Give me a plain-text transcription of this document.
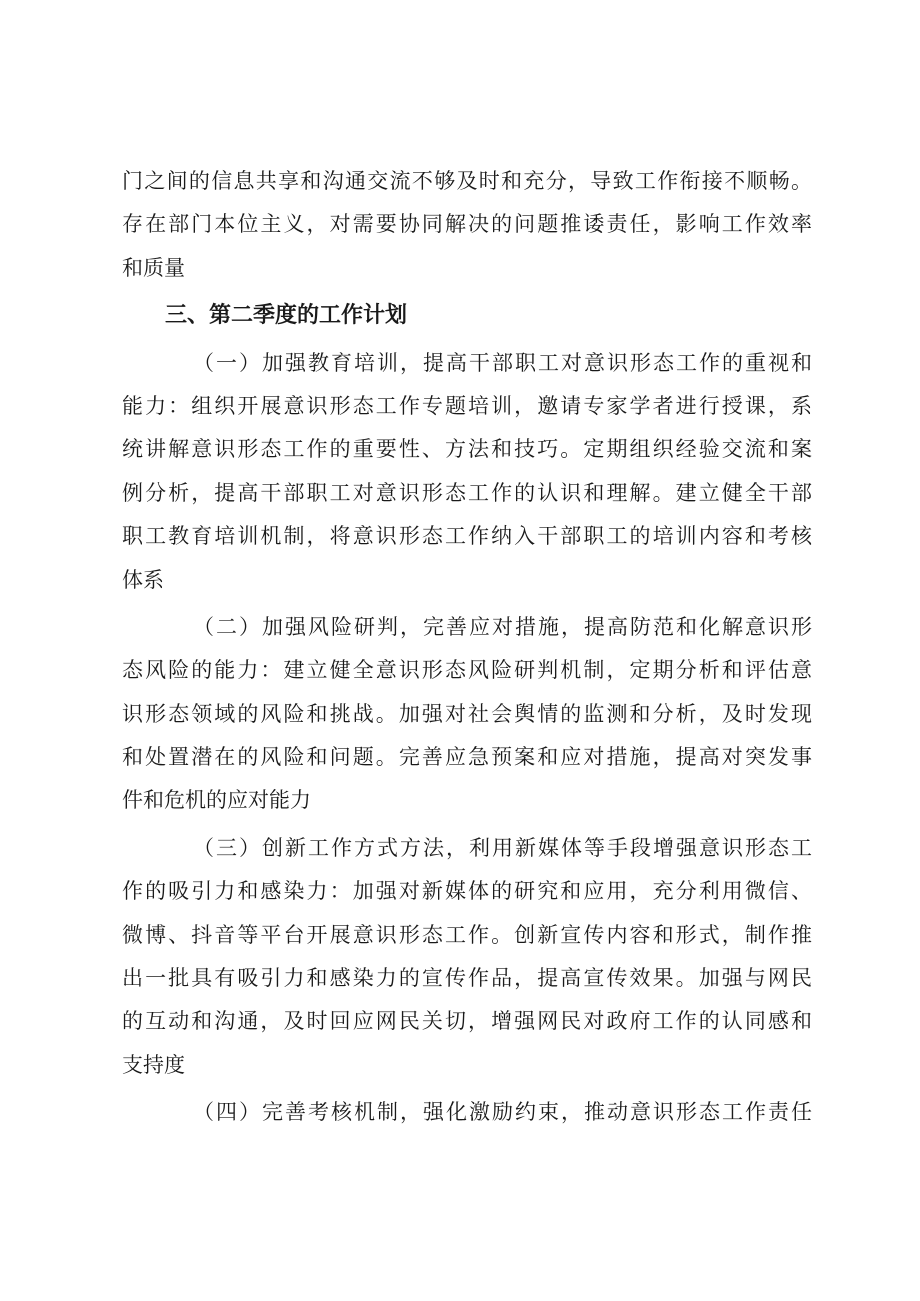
门之间的信息共享和沟通交流不够及时和充分，导致工作衔接不顺畅。
存在部门本位主义，对需要协同解决的问题推诿责任，影响工作效率
和质量
三、第二季度的工作计划
（一）加强教育培训，提高干部职工对意识形态工作的重视和
能力：组织开展意识形态工作专题培训，邀请专家学者进行授课，系
统讲解意识形态工作的重要性、方法和技巧。定期组织经验交流和案
例分析，提高干部职工对意识形态工作的认识和理解。建立健全干部
职工教育培训机制，将意识形态工作纳入干部职工的培训内容和考核
体系
（二）加强风险研判，完善应对措施，提高防范和化解意识形
态风险的能力：建立健全意识形态风险研判机制，定期分析和评估意
识形态领域的风险和挑战。加强对社会舆情的监测和分析，及时发现
和处置潜在的风险和问题。完善应急预案和应对措施，提高对突发事
件和危机的应对能力
（三）创新工作方式方法，利用新媒体等手段增强意识形态工
作的吸引力和感染力：加强对新媒体的研究和应用，充分利用微信、
微博、抖音等平台开展意识形态工作。创新宣传内容和形式，制作推
出一批具有吸引力和感染力的宣传作品，提高宣传效果。加强与网民
的互动和沟通，及时回应网民关切，增强网民对政府工作的认同感和
支持度
（四）完善考核机制，强化激励约束，推动意识形态工作责任
